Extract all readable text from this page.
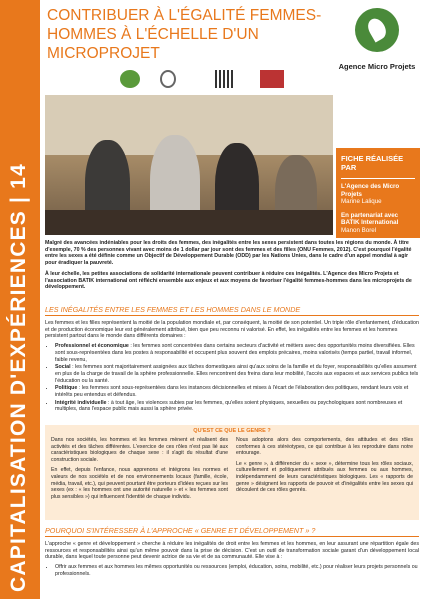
CAPITALISATION D'EXPÉRIENCES | 14
CONTRIBUER À L'ÉGALITÉ FEMMES-HOMMES À L'ÉCHELLE D'UN MICROPROJET
Agence Micro Projets
FICHE RÉALISÉE PAR
L'Agence des Micro Projets
Marine Lalique
En partenariat avec BATIK International
Manon Borel

Malgré des avancées indéniables pour les droits des femmes, des inégalités entre les sexes persistent dans toutes les régions du monde. À titre d'exemple, 70 % des personnes vivant avec moins de 1 dollar par jour sont des femmes et des filles (ONU Femmes, 2012). C'est pourquoi l'égalité entre les sexes a été définie comme un Objectif de Développement Durable (ODD) par les Nations Unies, dans le cadre d'un appel mondial à agir pour éradiquer la pauvreté.

À leur échelle, les petites associations de solidarité internationale peuvent contribuer à réduire ces inégalités. L'Agence des Micro Projets et l'association BATIK international ont réfléchi ensemble aux enjeux et aux moyens de favoriser l'égalité femmes-hommes dans les microprojets de développement.

LES INÉGALITÉS ENTRE LES FEMMES ET LES HOMMES DANS LE MONDE

Les femmes et les filles représentent la moitié de la population mondiale et, par conséquent, la moitié de son potentiel. Un triple rôle d'enfantement, d'éducation et de production économique leur est généralement attribué, bien que peu reconnu ni valorisé. En effet, les inégalités entre les femmes et les hommes persistent partout dans le monde dans différents domaines :

• Professionnel et économique : les femmes sont concentrées dans certains secteurs d'activité et métiers avec des opportunités moins diversifiées. Elles sont sous-représentées dans les postes à responsabilité et occupent plus souvent des emplois précaires, moins valorisés (temps partiel, travail informel, faible revenu,
• Social : les femmes sont majoritairement assignées aux tâches domestiques ainsi qu'aux soins de la famille et du foyer, responsabilités qu'elles assument en plus de la charge de travail de la sphère professionnelle. Elles rencontrent des freins dans leur mobilité, l'accès aux espaces et aux services publics tels l'éducation ou la santé.
• Politique : les femmes sont sous-représentées dans les instances décisionnelles et mises à l'écart de l'élaboration des politiques, rendant leurs voix et intérêts peu entendus et défendus.
• Intégrité individuelle : à tout âge, les violences subies par les femmes, qu'elles soient physiques, sexuelles ou psychologiques sont nombreuses et multiples, dans l'espace public mais aussi la sphère privée.
QU'EST CE QUE LE GENRE ?

Dans nos sociétés, les hommes et les femmes mènent et réalisent des activités et des tâches différentes. L'exercice de ces rôles n'est pas lié aux caractéristiques biologiques de chaque sexe : il s'agit du résultat d'une construction sociale.

En effet, depuis l'enfance, nous apprenons et intégrons les normes et valeurs de nos sociétés et de nos environnements locaux (famille, école, média, travail, etc.), qui peuvent pourtant être porteurs d'idées reçues sur les sexes (ex : « les hommes ont une autorité naturelle » et « les femmes sont plus sensibles ») qui influencent l'identité de chaque individu.

Nous adoptons alors des comportements, des attitudes et des rôles conformes à ces stéréotypes, ce qui contribue à les reproduire dans notre entourage.

Le « genre », à différencier du « sexe », détermine tous les rôles sociaux, culturellement et politiquement attribués aux femmes ou aux hommes, indépendamment de leurs caractéristiques biologiques. Les « rapports de genre » désignent les rapports de pouvoir et d'inégalités entre les sexes qui découlent de ces rôles genrés.

POURQUOI S'INTÉRESSER À L'APPROCHE « GENRE ET DÉVELOPPEMENT » ?

L'approche « genre et développement » cherche à réduire les inégalités de droit entre les femmes et les hommes, en leur assurant une répartition égale des ressources et responsabilités ainsi qu'un même pouvoir dans la prise de décision. C'est un outil de transformation sociale garant d'un développement local durable, dans lequel toute personne peut devenir actrice de sa vie et de sa communauté. Elle vise à :

• Offrir aux femmes et aux hommes les mêmes opportunités ou ressources (emploi, éducation, soins, mobilité, etc.) pour réaliser leurs projets personnels ou professionnels.
